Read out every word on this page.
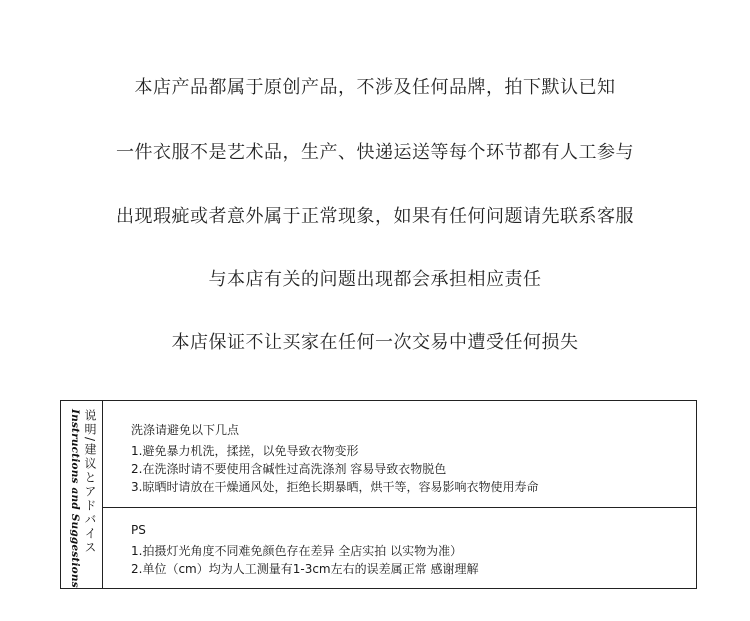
本店产品都属于原创产品，不涉及任何品牌，拍下默认已知
一件衣服不是艺术品，生产、快递运送等每个环节都有人工参与
出现瑕疵或者意外属于正常现象，如果有任何问题请先联系客服
与本店有关的问题出现都会承担相应责任
本店保证不让买家在任何一次交易中遭受任何损失
Instructions and Suggestions 说明/建议とアドバイス	洗涤请避免以下几点
1.避免暴力机洗，揉搓，以免导致衣物变形
2.在洗涤时请不要使用含碱性过高洗涤剂 容易导致衣物脱色
3.晾晒时请放在干燥通风处，拒绝长期暴晒，烘干等，容易影响衣物使用寿命
PS
1.拍摄灯光角度不同难免颜色存在差异 全店实拍 以实物为准）
2.单位（cm）均为人工测量有1-3cm左右的误差属正常 感谢理解
